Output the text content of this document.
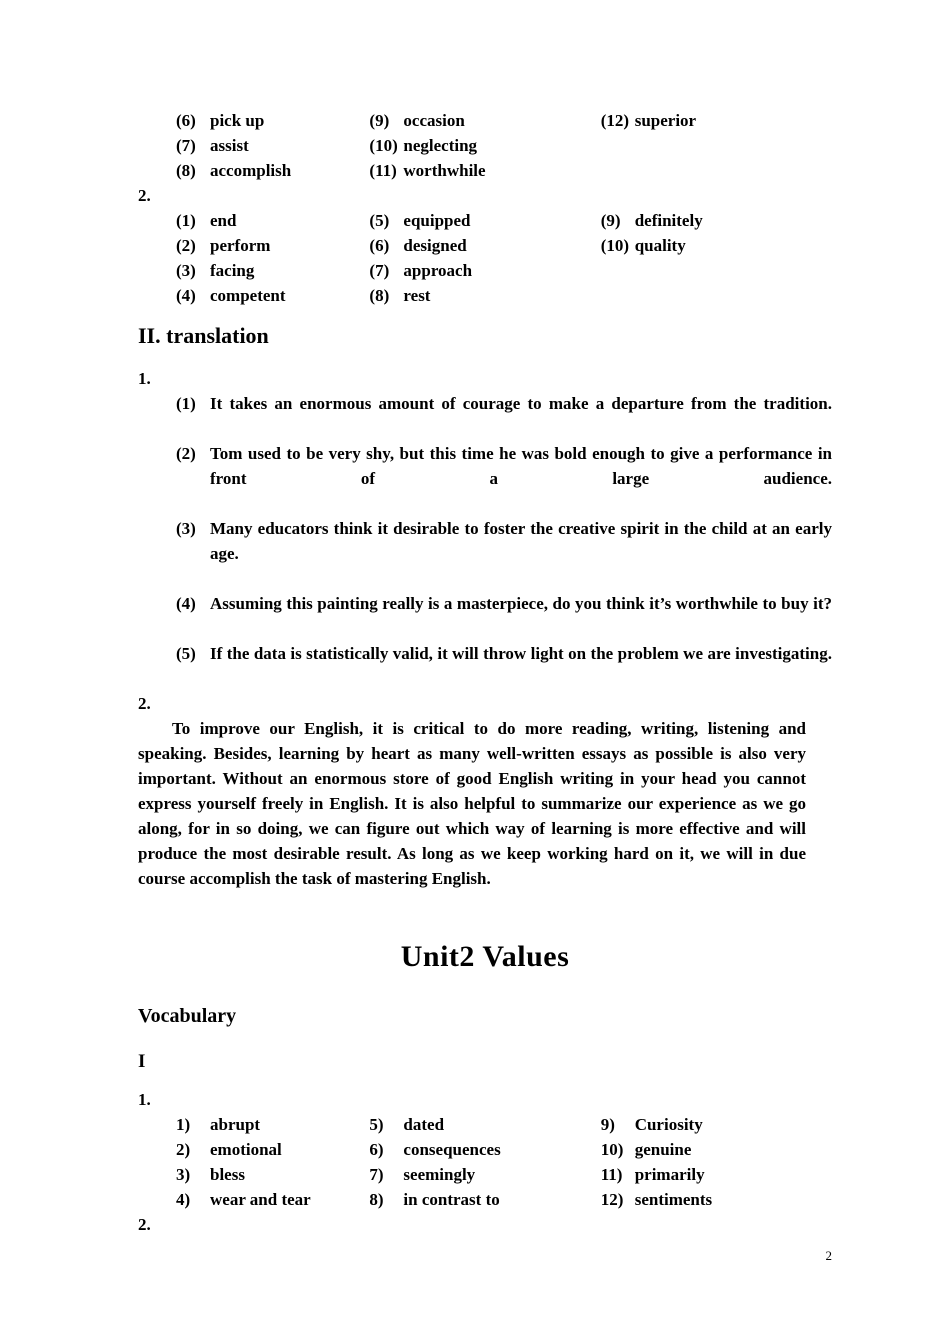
(6) pick up	(9) occasion	(12) superior
(7) assist	(10) neglecting
(8) accomplish	(11) worthwhile
2.
(1) end	(5) equipped	(9) definitely
(2) perform	(6) designed	(10) quality
(3) facing	(7) approach
(4) competent	(8) rest
II. translation
1.
(1) It takes an enormous amount of courage to make a departure from the tradition.
(2) Tom used to be very shy, but this time he was bold enough to give a performance in front of a large audience.
(3) Many educators think it desirable to foster the creative spirit in the child at an early age.
(4) Assuming this painting really is a masterpiece, do you think it’s worthwhile to buy it?
(5) If the data is statistically valid, it will throw light on the problem we are investigating.
2.

To improve our English, it is critical to do more reading, writing, listening and speaking. Besides, learning by heart as many well-written essays as possible is also very important. Without an enormous store of good English writing in your head you cannot express yourself freely in English. It is also helpful to summarize our experience as we go along, for in so doing, we can figure out which way of learning is more effective and will produce the most desirable result. As long as we keep working hard on it, we will in due course accomplish the task of mastering English.

Unit2 Values
Vocabulary
I
1.
1)	abrupt	5)	dated	9)	Curiosity
2)	emotional	6)	consequences	10) genuine
3)	bless	7)	seemingly	11) primarily
4)	wear and tear	8)	in contrast to	12) sentiments
2.
2
